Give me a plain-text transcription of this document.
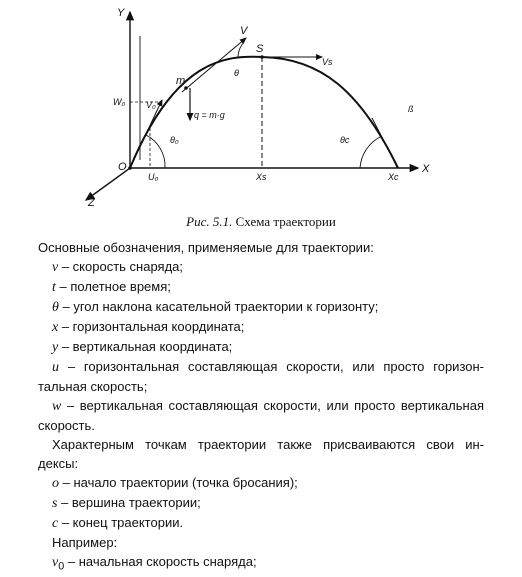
Y
X
Z
O
V
S
m
Vs
W₀ V₀
θ
q = m·g
θ₀	θc
U₀	Xs	Xc
ß
Рис. 5.1. Схема траектории

Основные обозначения, применяемые для траектории:

v – скорость снаряда;

t – полетное время;

θ – угол наклона касательной траектории к горизонту;

x – горизонтальная координата;

y – вертикальная координата;

u – горизонтальная составляющая скорости, или просто горизон-

тальная скорость;

w – вертикальная составляющая скорости, или просто вертикальная

скорость.

Характерным точкам траектории также присваиваются свои ин-

дексы:

o – начало траектории (точка бросания);

s – вершина траектории;

c – конец траектории.

Например:

$v_0$ – начальная скорость снаряда;
